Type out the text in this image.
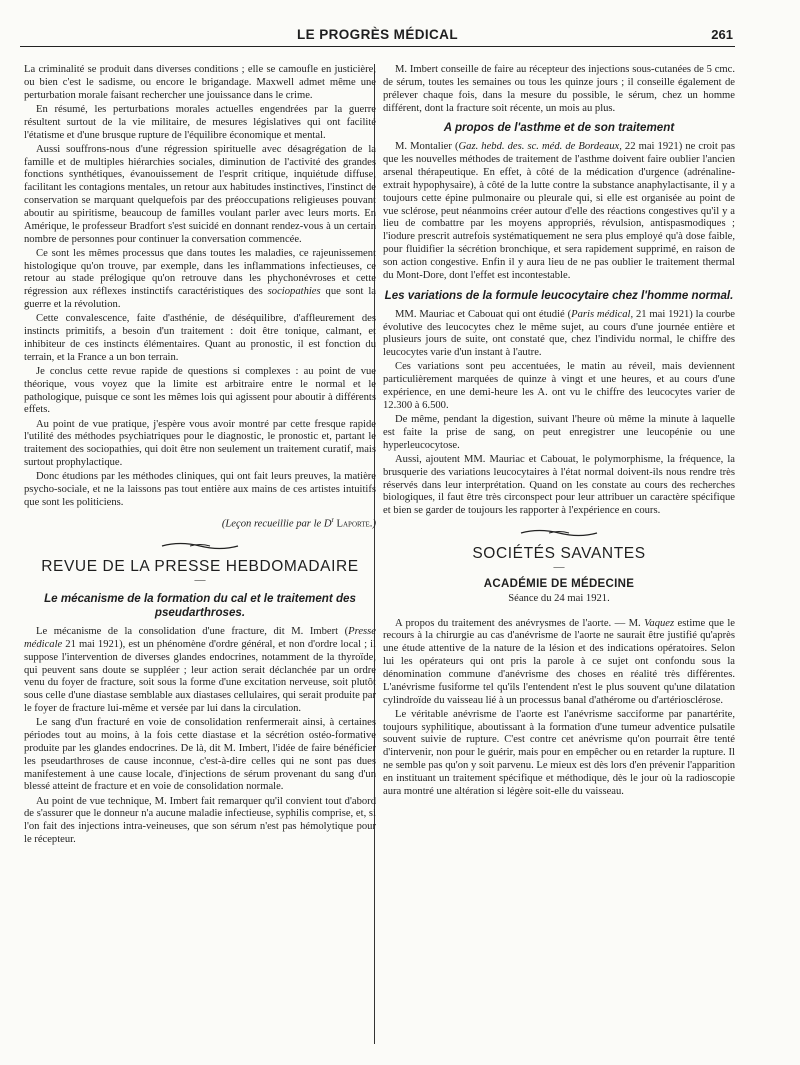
LE PROGRÈS MÉDICAL	261

La criminalité se produit dans diverses conditions ; elle se camoufle en justicière, ou bien c'est le sadisme, ou encore le brigandage. Maxwell admet même une perturbation morale faisant rechercher une jouissance dans le crime.

En résumé, les perturbations morales actuelles engendrées par la guerre résultent surtout de la vie militaire, de mesures législatives qui ont facilité l'étatisme et d'une brusque rupture de l'équilibre économique et mental.

Aussi souffrons-nous d'une régression spirituelle avec désagrégation de la famille et de multiples hiérarchies sociales, diminution de l'activité des grandes fonctions synthétiques, évanouissement de l'esprit critique, inquiétude diffuse, facilitant les contagions mentales, un retour aux habitudes instinctives, l'instinct de conservation se marquant quelquefois par des préoccupations religieuses pouvant aboutir au spiritisme, beaucoup de familles voulant parler avec leurs morts. En Amérique, le professeur Bradfort s'est suicidé en donnant rendez-vous à un certain nombre de personnes pour continuer la conversation commencée.

Ce sont les mêmes processus que dans toutes les maladies, ce rajeunissement histologique qu'on trouve, par exemple, dans les inflammations infectieuses, ce retour au stade prélogique qu'on retrouve dans les phychonévroses et cette régression aux réflexes instinctifs caractéristiques des sociopathies que sont la guerre et la révolution.

Cette convalescence, faite d'asthénie, de déséquilibre, d'affleurement des instincts primitifs, a besoin d'un traitement : doit être tonique, calmant, et inhibiteur de ces instincts élémentaires. Quant au pronostic, il est fonction du terrain, et la France a un bon terrain.

Je conclus cette revue rapide de questions si complexes : au point de vue théorique, vous voyez que la limite est arbitraire entre le normal et le pathologique, puisque ce sont les mêmes lois qui agissent pour aboutir à différents effets.

Au point de vue pratique, j'espère vous avoir montré par cette fresque rapide l'utilité des méthodes psychiatriques pour le diagnostic, le pronostic et, partant le traitement des sociopathies, qui doit être non seulement un traitement curatif, mais surtout prophylactique.

Donc étudions par les méthodes cliniques, qui ont fait leurs preuves, la matière psycho-sociale, et ne la laissons pas tout entière aux mains de ces artistes intuitifs que sont les politiciens.

(Leçon recueillie par le $D^r$ Laporte.)

REVUE DE LA PRESSE HEBDOMADAIRE
—
Le mécanisme de la formation du cal et le traitement des pseudarthroses.

Le mécanisme de la consolidation d'une fracture, dit M. Imbert (Presse médicale 21 mai 1921), est un phénomène d'ordre général, et non d'ordre local ; il suppose l'intervention de diverses glandes endocrines, notamment de la thyroïde, qui peuvent sans doute se suppléer ; leur action serait déclanchée par un ordre venu du foyer de fracture, soit sous la forme d'une excitation nerveuse, soit plutôt sous celle d'une diastase semblable aux diastases cellulaires, qui serait produite par le foyer de fracture lui-même et versée par lui dans la circulation.

Le sang d'un fracturé en voie de consolidation renfermerait ainsi, à certaines périodes tout au moins, à la fois cette diastase et la sécrétion ostéo-formative produite par les glandes endocrines. De là, dit M. Imbert, l'idée de faire bénéficier les pseudarthroses de cause inconnue, c'est-à-dire celles qui ne sont pas dues manifestement à une cause locale, d'injections de sérum provenant du sang d'un blessé atteint de fracture et en voie de consolidation normale.

Au point de vue technique, M. Imbert fait remarquer qu'il convient tout d'abord de s'assurer que le donneur n'a aucune maladie infectieuse, syphilis comprise, et, si l'on fait des injections intra-veineuses, que son sérum n'est pas hémolytique pour le récepteur.

M. Imbert conseille de faire au récepteur des injections sous-cutanées de 5 cmc. de sérum, toutes les semaines ou tous les quinze jours ; il conseille également de prélever chaque fois, dans la mesure du possible, le sérum, chez un homme différent, dont la fracture soit récente, un mois au plus.

A propos de l'asthme et de son traitement

M. Montalier (Gaz. hebd. des. sc. méd. de Bordeaux, 22 mai 1921) ne croit pas que les nouvelles méthodes de traitement de l'asthme doivent faire oublier l'ancien arsenal thérapeutique. En effet, à côté de la médication d'urgence (adrénaline-extrait hypophysaire), à côté de la lutte contre la substance anaphylactisante, il y a toujours cette épine pulmonaire ou pleurale qui, si elle est organisée au point de vue sclérose, peut néanmoins créer autour d'elle des réactions congestives qu'il y a lieu de combattre par les moyens appropriés, révulsion, antispasmodiques ; l'iodure prescrit autrefois systématiquement ne sera plus employé qu'à dose faible, pour fluidifier la sécrétion bronchique, et sera rapidement supprimé, en raison de son action congestive. Enfin il y aura lieu de ne pas oublier le traitement thermal du Mont-Dore, dont l'effet est incontestable.

Les variations de la formule leucocytaire chez l'homme normal.

MM. Mauriac et Cabouat qui ont étudié (Paris médical, 21 mai 1921) la courbe évolutive des leucocytes chez le même sujet, au cours d'une journée entière et plusieurs jours de suite, ont constaté que, chez l'individu normal, le chiffre des leucocytes varie d'un instant à l'autre.

Ces variations sont peu accentuées, le matin au réveil, mais deviennent particulièrement marquées de quinze à vingt et une heures, et au cours d'une expérience, en une demi-heure les A. ont vu le chiffre des leucocytes varier de 12.300 à 6.500.

De même, pendant la digestion, suivant l'heure où même la minute à laquelle est faite la prise de sang, on peut enregistrer une leucopénie ou une hyperleucocytose.

Aussi, ajoutent MM. Mauriac et Cabouat, le polymorphisme, la fréquence, la brusquerie des variations leucocytaires à l'état normal doivent-ils nous rendre très réservés dans leur interprétation. Quand on les constate au cours des recherches biologiques, il faut être très circonspect pour leur attribuer un caractère spécifique et bien se garder de toujours les rapporter à l'expérience en cours.

SOCIÉTÉS SAVANTES
—
ACADÉMIE DE MÉDECINE
Séance du 24 mai 1921.

A propos du traitement des anévrysmes de l'aorte. — M. Vaquez estime que le recours à la chirurgie au cas d'anévrisme de l'aorte ne saurait être justifié qu'après une étude attentive de la nature de la lésion et des indications opératoires. Selon lui les opérateurs qui ont pris la parole à ce sujet ont confondu sous la dénomination commune d'anévrisme des choses en réalité très différentes. L'anévrisme fusiforme tel qu'ils l'entendent n'est le plus souvent qu'une dilatation cylindroïde du vaisseau lié à un processus banal d'athérome ou d'artériosclérose.

Le véritable anévrisme de l'aorte est l'anévrisme sacciforme par panartérite, toujours syphilitique, aboutissant à la formation d'une tumeur adventice pulsatile souvent suivie de rupture. C'est contre cet anévrisme qu'on pourrait être tenté d'intervenir, non pour le guérir, mais pour en empêcher ou en retarder la rupture. Il ne semble pas qu'on y soit parvenu. Le mieux est dès lors d'en prévenir l'apparition en instituant un traitement spécifique et méthodique, dès le jour où la radioscopie aura montré une altération si légère soit-elle du vaisseau.
